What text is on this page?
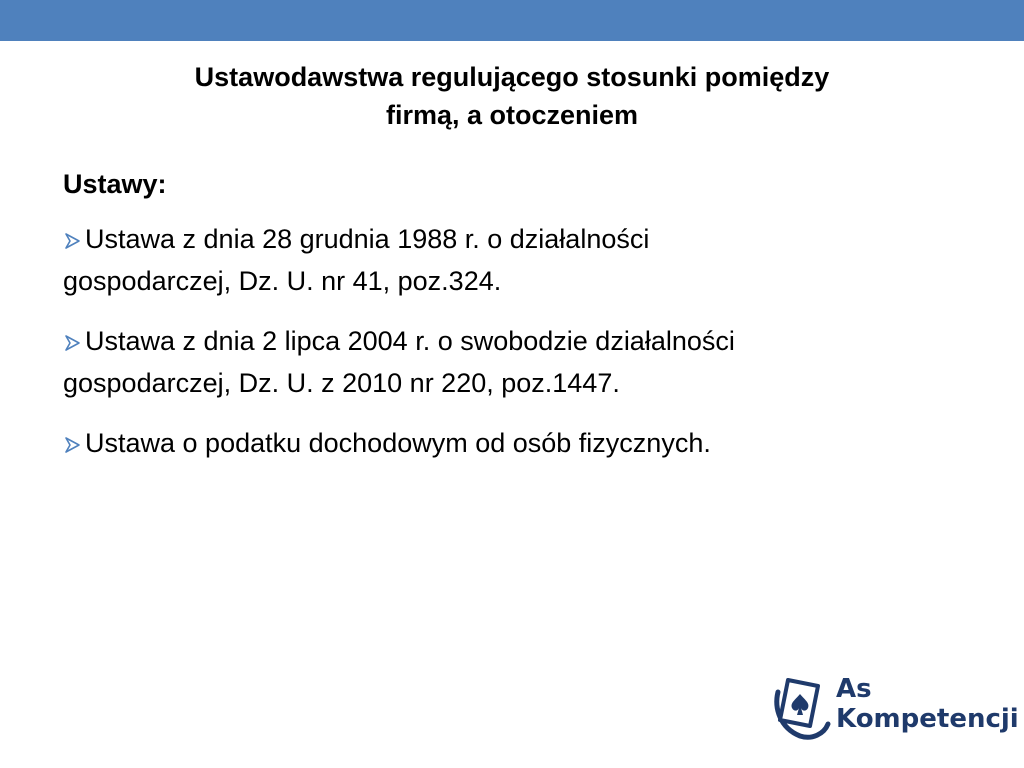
Ustawodawstwa regulującego stosunki pomiędzy
firmą, a otoczeniem
Ustawy:
Ustawa z dnia 28 grudnia 1988 r. o działalności
gospodarczej, Dz. U. nr 41, poz.324.
Ustawa z dnia 2 lipca 2004 r. o swobodzie działalności
gospodarczej, Dz. U. z 2010 nr 220, poz.1447.
Ustawa o podatku dochodowym od osób fizycznych.
As
Kompetencji
